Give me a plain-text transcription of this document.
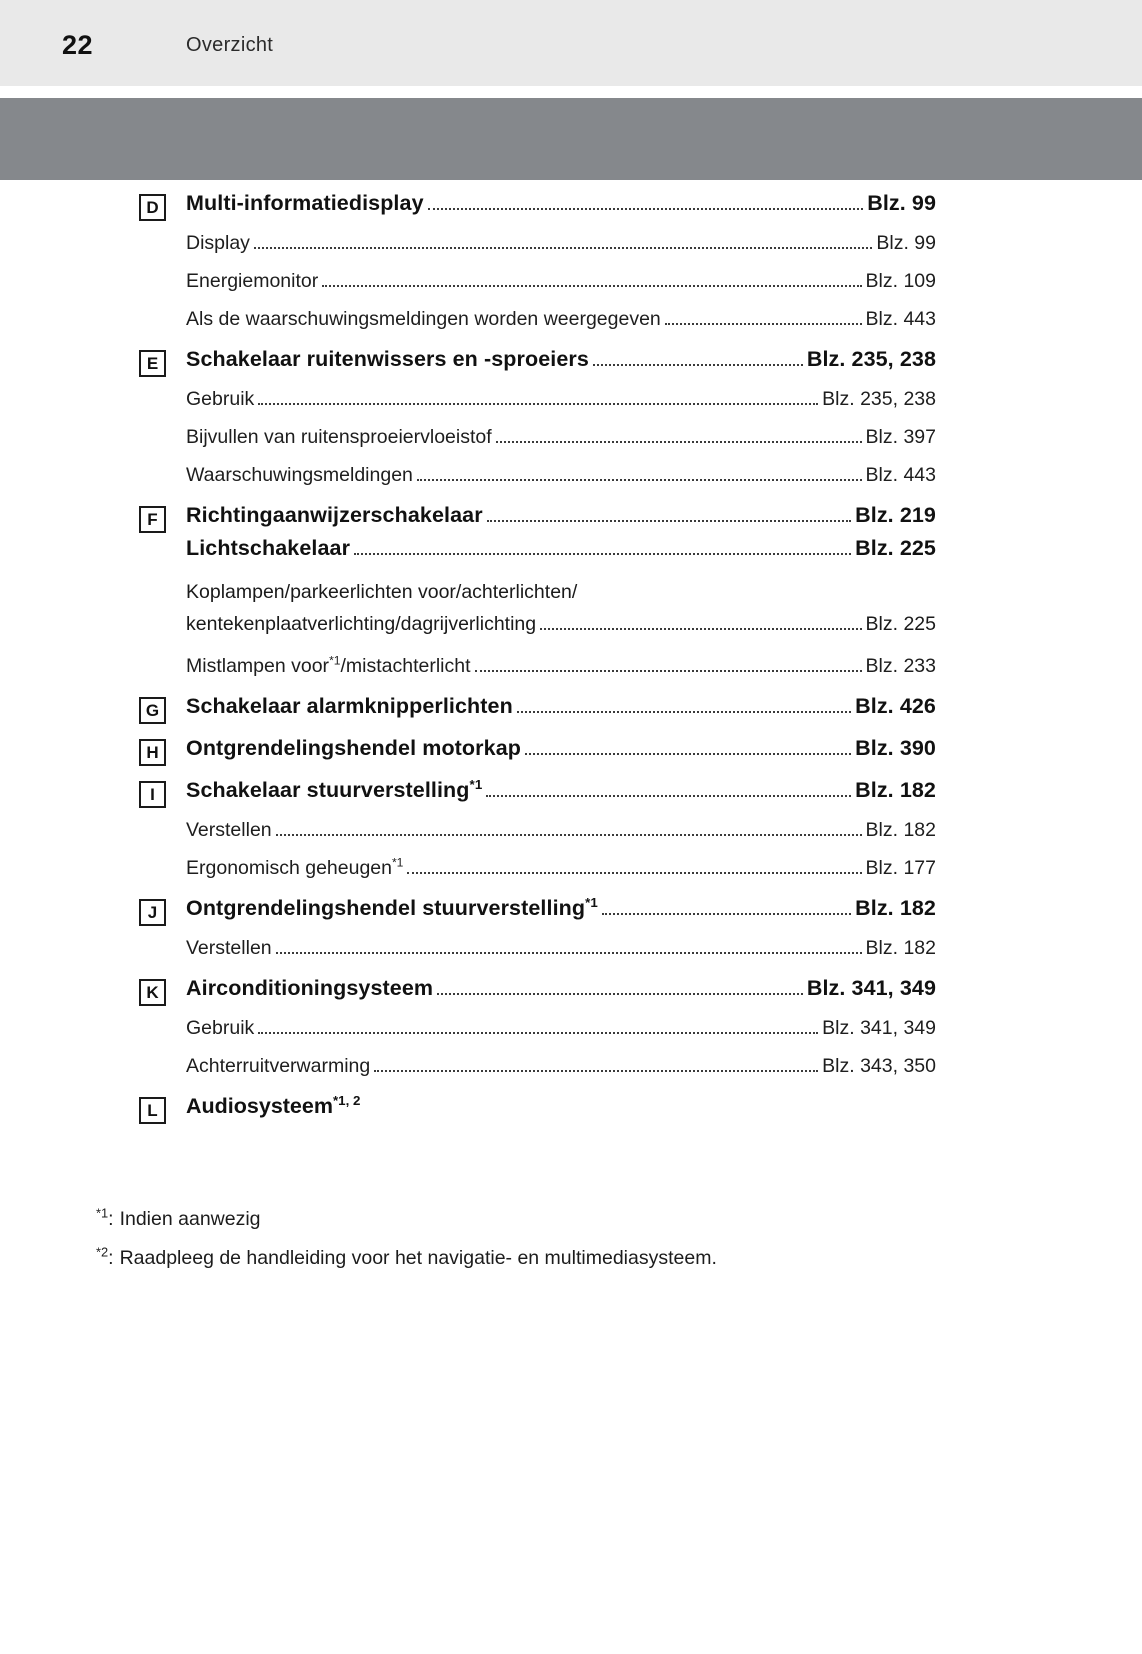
22	Overzicht
D	Multi-informatiedisplay	Blz. 99
Display	Blz. 99
Energiemonitor	Blz. 109
Als de waarschuwingsmeldingen worden weergegeven	Blz. 443
E	Schakelaar ruitenwissers en -sproeiers	Blz. 235, 238
Gebruik	Blz. 235, 238
Bijvullen van ruitensproeiervloeistof	Blz. 397
Waarschuwingsmeldingen	Blz. 443
F	Richtingaanwijzerschakelaar	Blz. 219
Lichtschakelaar	Blz. 225
Koplampen/parkeerlichten voor/achterlichten/
kentekenplaatverlichting/dagrijverlichting	Blz. 225
Mistlampen voor$^{*1}$/mistachterlicht	Blz. 233
G	Schakelaar alarmknipperlichten	Blz. 426
H	Ontgrendelingshendel motorkap	Blz. 390
I	Schakelaar stuurverstelling$^{*1}$	Blz. 182
Verstellen	Blz. 182
Ergonomisch geheugen$^{*1}$	Blz. 177
J	Ontgrendelingshendel stuurverstelling$^{*1}$	Blz. 182
Verstellen	Blz. 182
K	Airconditioningsysteem	Blz. 341, 349
Gebruik	Blz. 341, 349
Achterruitverwarming	Blz. 343, 350
L	Audiosysteem$^{*1, 2}$
$^{*1}$: Indien aanwezig
$^{*2}$: Raadpleeg de handleiding voor het navigatie- en multimediasysteem.
